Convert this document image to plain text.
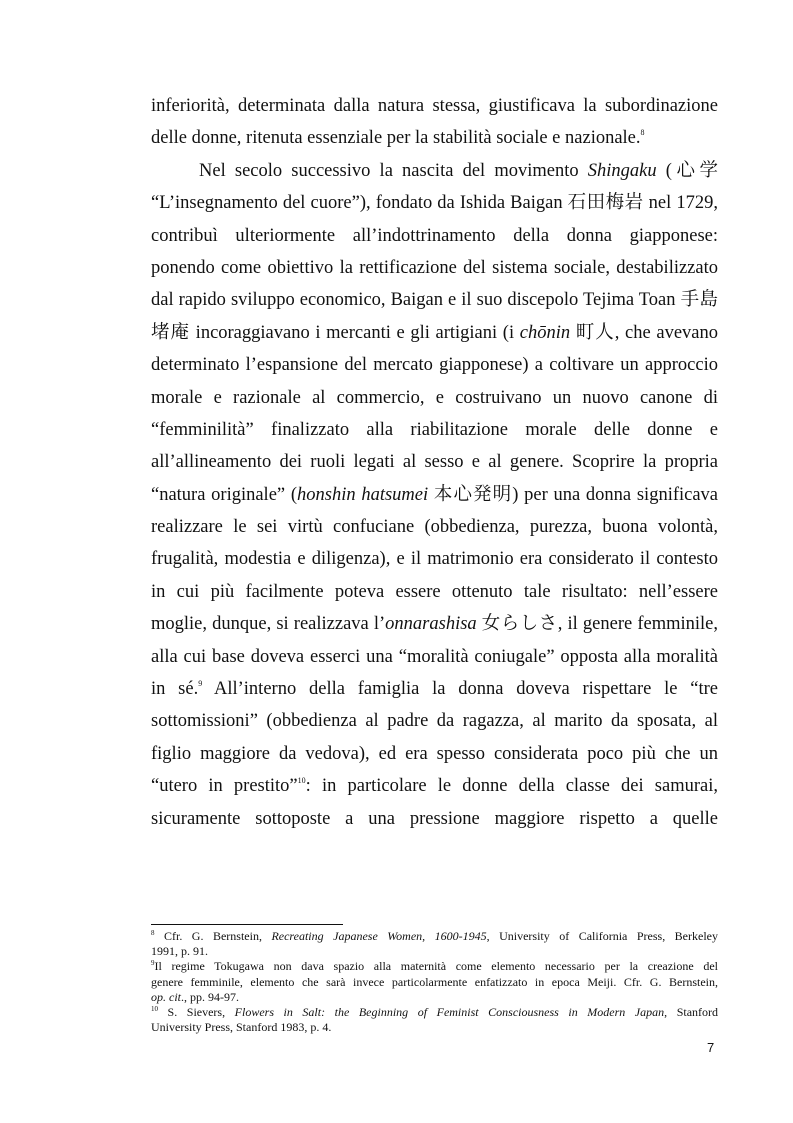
inferiorità, determinata dalla natura stessa, giustificava la subordinazione
delle donne, ritenuta essenziale per la stabilità sociale e nazionale.$^8$
Nel secolo successivo la nascita del movimento Shingaku (心学
“L’insegnamento del cuore”), fondato da Ishida Baigan 石田梅岩 nel 1729,
contribuì ulteriormente all’indottrinamento della donna giapponese:
ponendo come obiettivo la rettificazione del sistema sociale, destabilizzato
dal rapido sviluppo economico, Baigan e il suo discepolo Tejima Toan 手島
堵庵 incoraggiavano i mercanti e gli artigiani (i chōnin 町人, che avevano
determinato l’espansione del mercato giapponese) a coltivare un approccio
morale e razionale al commercio, e costruivano un nuovo canone di
“femminilità” finalizzato alla riabilitazione morale delle donne e
all’allineamento dei ruoli legati al sesso e al genere. Scoprire la propria
“natura originale” (honshin hatsumei 本心発明) per una donna significava
realizzare le sei virtù confuciane (obbedienza, purezza, buona volontà,
frugalità, modestia e diligenza), e il matrimonio era considerato il contesto
in cui più facilmente poteva essere ottenuto tale risultato: nell’essere
moglie, dunque, si realizzava l’onnarashisa 女らしさ, il genere femminile,
alla cui base doveva esserci una “moralità coniugale” opposta alla moralità
in sé.$^9$ All’interno della famiglia la donna doveva rispettare le “tre
sottomissioni” (obbedienza al padre da ragazza, al marito da sposata, al
figlio maggiore da vedova), ed era spesso considerata poco più che un
“utero in prestito”$^{10}$: in particolare le donne della classe dei samurai,
sicuramente sottoposte a una pressione maggiore rispetto a quelle
$^8$ Cfr. G. Bernstein, Recreating Japanese Women, 1600-1945, University of California Press, Berkeley
1991, p. 91.
$^9$Il regime Tokugawa non dava spazio alla maternità come elemento necessario per la creazione del
genere femminile, elemento che sarà invece particolarmente enfatizzato in epoca Meiji. Cfr. G. Bernstein,
op. cit., pp. 94-97.
$^{10}$ S. Sievers, Flowers in Salt: the Beginning of Feminist Consciousness in Modern Japan, Stanford
University Press, Stanford 1983, p. 4.
7
